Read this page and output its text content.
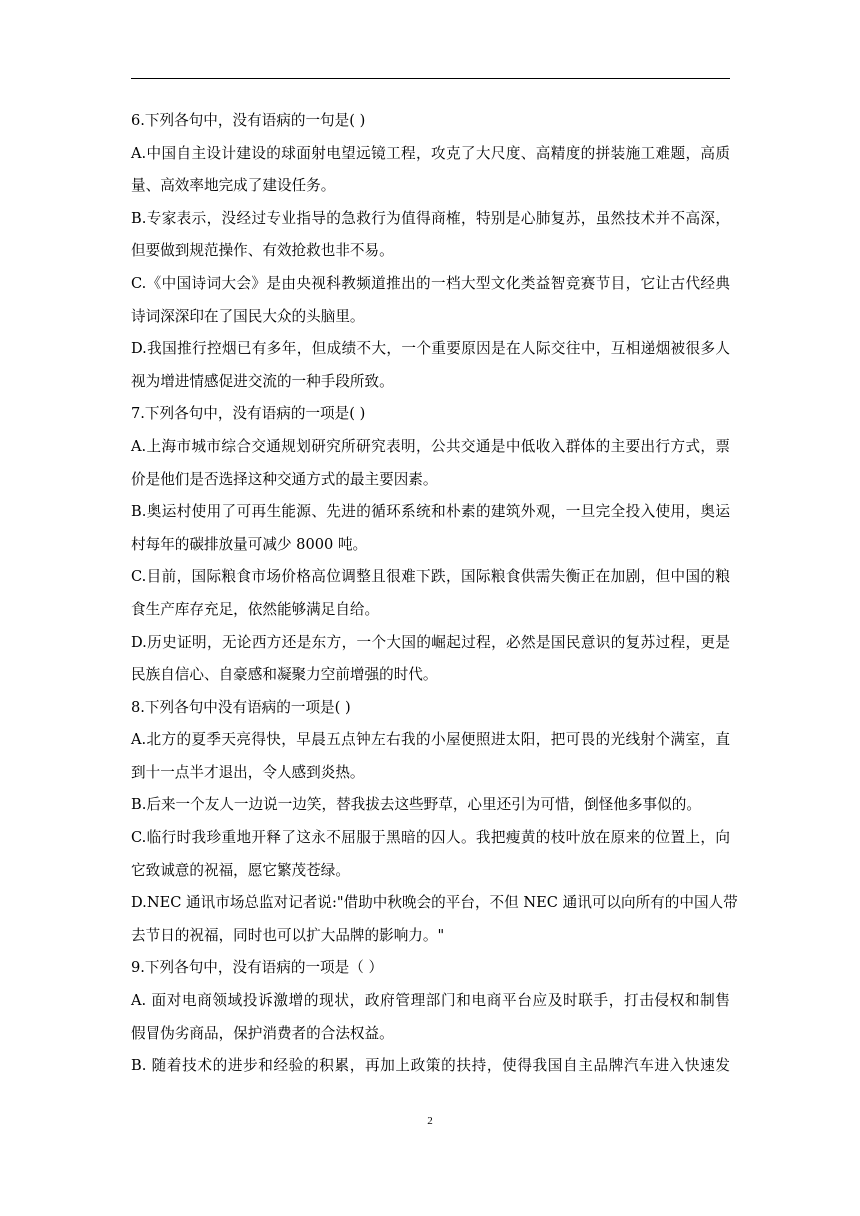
6.下列各句中，没有语病的一句是( )
A.中国自主设计建设的球面射电望远镜工程，攻克了大尺度、高精度的拼装施工难题，高质
量、高效率地完成了建设任务。
B.专家表示，没经过专业指导的急救行为值得商榷，特别是心肺复苏，虽然技术并不高深，
但要做到规范操作、有效抢救也非不易。
C.《中国诗词大会》是由央视科教频道推出的一档大型文化类益智竞赛节目，它让古代经典
诗词深深印在了国民大众的头脑里。
D.我国推行控烟已有多年，但成绩不大，一个重要原因是在人际交往中，互相递烟被很多人
视为增进情感促进交流的一种手段所致。
7.下列各句中，没有语病的一项是( )
A.上海市城市综合交通规划研究所研究表明，公共交通是中低收入群体的主要出行方式，票
价是他们是否选择这种交通方式的最主要因素。
B.奥运村使用了可再生能源、先进的循环系统和朴素的建筑外观，一旦完全投入使用，奥运
村每年的碳排放量可减少 8000 吨。
C.目前，国际粮食市场价格高位调整且很难下跌，国际粮食供需失衡正在加剧，但中国的粮
食生产库存充足，依然能够满足自给。
D.历史证明，无论西方还是东方，一个大国的崛起过程，必然是国民意识的复苏过程，更是
民族自信心、自豪感和凝聚力空前增强的时代。
8.下列各句中没有语病的一项是( )
A.北方的夏季天亮得快，早晨五点钟左右我的小屋便照进太阳，把可畏的光线射个满室，直
到十一点半才退出，令人感到炎热。
B.后来一个友人一边说一边笑，替我拔去这些野草，心里还引为可惜，倒怪他多事似的。
C.临行时我珍重地开释了这永不屈服于黑暗的囚人。我把瘦黄的枝叶放在原来的位置上，向
它致诚意的祝福，愿它繁茂苍绿。
D.NEC 通讯市场总监对记者说:"借助中秋晚会的平台，不但 NEC 通讯可以向所有的中国人带
去节日的祝福，同时也可以扩大品牌的影响力。"
9.下列各句中，没有语病的一项是（ ）
A. 面对电商领域投诉激增的现状，政府管理部门和电商平台应及时联手，打击侵权和制售
假冒伪劣商品，保护消费者的合法权益。
B. 随着技术的进步和经验的积累，再加上政策的扶持，使得我国自主品牌汽车进入快速发
2
